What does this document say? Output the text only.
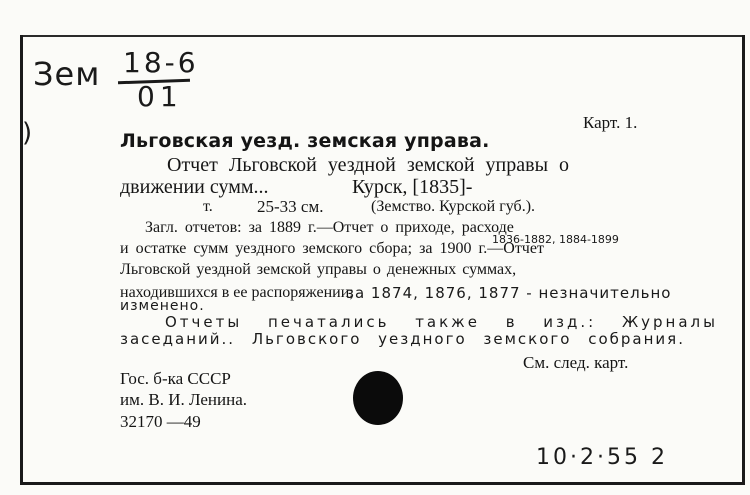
Зем 18-6
01
)	Карт. 1.
Льговская уезд. земская управа.
Отчет Льговской уездной земской управы о
движении сумм...	Курск, [1835]-
т.	25-33 см.	(Земство. Курской губ.).
Загл. отчетов: за 1889 г.—Отчет о приходе, расходе
1836-1882, 1884-1899
и остатке сумм уездного земского сбора; за 1900 г.—Отчет
Льговской уездной земской управы о денежных суммах,
находившихся в ее распоряжении;
за 1874, 1876, 1877 - незначительно
изменено.
Отчеты печатались также в изд.: Журналы
заседаний.. Льговского уездного земского собрания.
См. след. карт.
Гос. б-ка СССР
им. В. И. Ленина.
32170 —49
10·2·55 2
